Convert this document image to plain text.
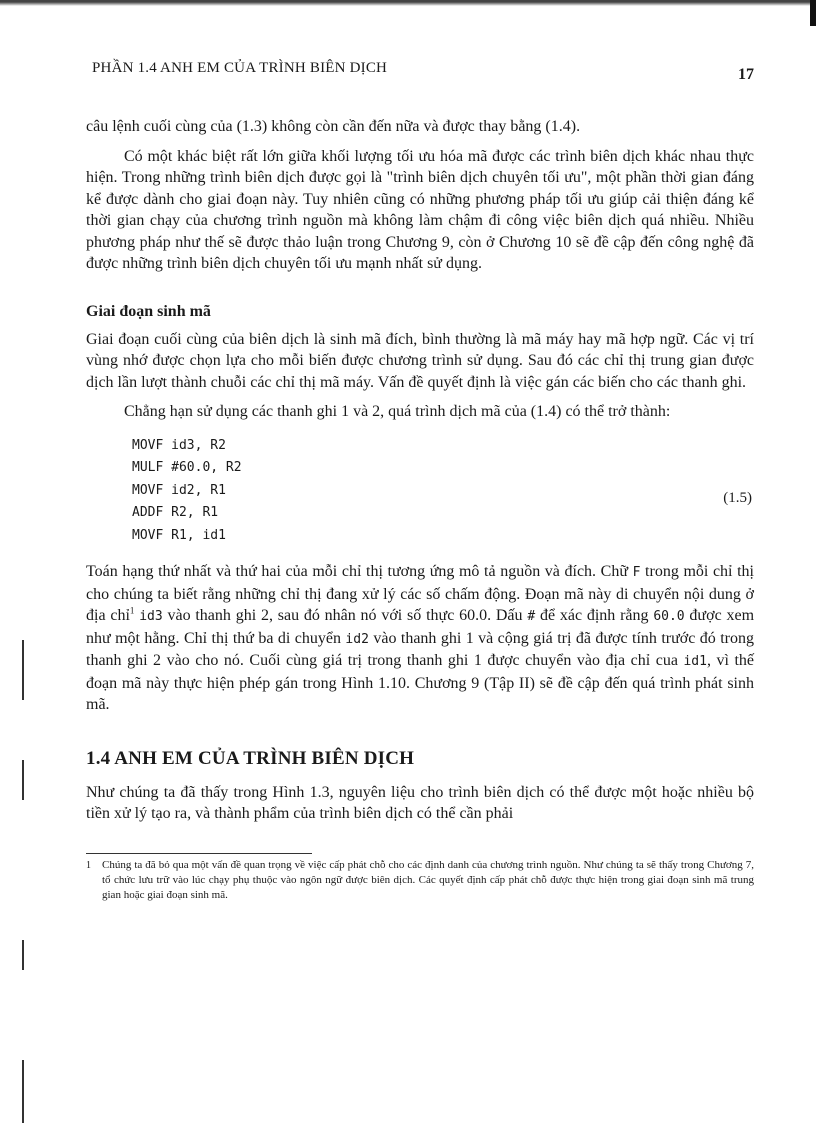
PHẦN 1.4 ANH EM CỦA TRÌNH BIÊN DỊCH	17

câu lệnh cuối cùng của (1.3) không còn cần đến nữa và được thay bằng (1.4).

Có một khác biệt rất lớn giữa khối lượng tối ưu hóa mã được các trình biên dịch khác nhau thực hiện. Trong những trình biên dịch được gọi là "trình biên dịch chuyên tối ưu", một phần thời gian đáng kể được dành cho giai đoạn này. Tuy nhiên cũng có những phương pháp tối ưu giúp cải thiện đáng kể thời gian chạy của chương trình nguồn mà không làm chậm đi công việc biên dịch quá nhiều. Nhiều phương pháp như thế sẽ được thảo luận trong Chương 9, còn ở Chương 10 sẽ đề cập đến công nghệ đã được những trình biên dịch chuyên tối ưu mạnh nhất sử dụng.

Giai đoạn sinh mã

Giai đoạn cuối cùng của biên dịch là sinh mã đích, bình thường là mã máy hay mã hợp ngữ. Các vị trí vùng nhớ được chọn lựa cho mỗi biến được chương trình sử dụng. Sau đó các chỉ thị trung gian được dịch lần lượt thành chuỗi các chỉ thị mã máy. Vấn đề quyết định là việc gán các biến cho các thanh ghi.

Chẳng hạn sử dụng các thanh ghi 1 và 2, quá trình dịch mã của (1.4) có thể trở thành:

MOVF id3, R2
MULF #60.0, R2
MOVF id2, R1
ADDF R2, R1
MOVF R1, id1
(1.5)

Toán hạng thứ nhất và thứ hai của mỗi chỉ thị tương ứng mô tả nguồn và đích. Chữ F trong mỗi chỉ thị cho chúng ta biết rằng những chỉ thị đang xử lý các số chấm động. Đoạn mã này di chuyển nội dung ở địa chỉ$^1$ id3 vào thanh ghi 2, sau đó nhân nó với số thực 60.0. Dấu # để xác định rằng 60.0 được xem như một hằng. Chỉ thị thứ ba di chuyển id2 vào thanh ghi 1 và cộng giá trị đã được tính trước đó trong thanh ghi 2 vào cho nó. Cuối cùng giá trị trong thanh ghi 1 được chuyển vào địa chỉ cua id1, vì thế đoạn mã này thực hiện phép gán trong Hình 1.10. Chương 9 (Tập II) sẽ đề cập đến quá trình phát sinh mã.

1.4 ANH EM CỦA TRÌNH BIÊN DỊCH

Như chúng ta đã thấy trong Hình 1.3, nguyên liệu cho trình biên dịch có thể được một hoặc nhiều bộ tiền xử lý tạo ra, và thành phẩm của trình biên dịch có thể cần phải

1	Chúng ta đã bỏ qua một vấn đề quan trọng về việc cấp phát chỗ cho các định danh của chương trình nguồn. Như chúng ta sẽ thấy trong Chương 7, tổ chức lưu trữ vào lúc chạy phụ thuộc vào ngôn ngữ được biên dịch. Các quyết định cấp phát chỗ được thực hiện trong giai đoạn sinh mã trung gian hoặc giai đoạn sinh mã.
